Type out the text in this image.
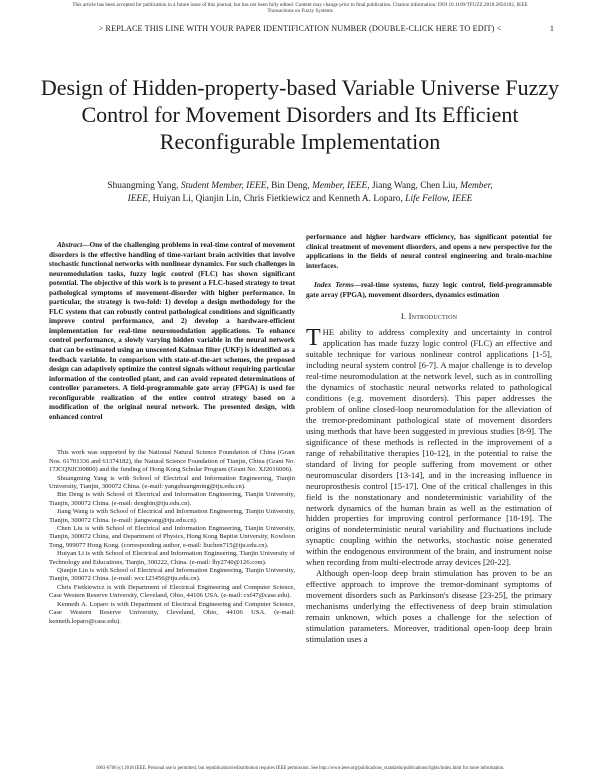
This article has been accepted for publication in a future issue of this journal, but has not been fully edited. Content may change prior to final publication. Citation information: DOI 10.1109/TFUZZ.2018.2856182, IEEE
Transactions on Fuzzy Systems
> REPLACE THIS LINE WITH YOUR PAPER IDENTIFICATION NUMBER (DOUBLE-CLICK HERE TO EDIT) <	1
Design of Hidden-property-based Variable Universe Fuzzy Control for Movement Disorders and Its Efficient Reconfigurable Implementation
Shuangming Yang, Student Member, IEEE, Bin Deng, Member, IEEE, Jiang Wang, Chen Liu, Member,
IEEE, Huiyan Li, Qianjin Lin, Chris Fietkiewicz and Kenneth A. Loparo, Life Fellow, IEEE

Abstract—One of the challenging problems in real-time control of movement disorders is the effective handling of time-variant brain activities that involve stochastic functional networks with nonlinear dynamics. For such challenges in neuromodulation tasks, fuzzy logic control (FLC) has shown significant potential. The objective of this work is to present a FLC-based strategy to treat pathological symptoms of movement-disorder with higher performance. In particular, the strategy is two-fold: 1) develop a design methodology for the FLC system that can robustly control pathological conditions and significantly improve control performance, and 2) develop a hardware-efficient implementation for real-time neuromodulation applications. To enhance control performance, a slowly varying hidden variable in the neural network that can be estimated using an unscented Kalman filter (UKF) is identified as a feedback variable. In comparison with state-of-the-art schemes, the proposed design can adaptively optimize the control signals without requiring particular information of the controlled plant, and can avoid repeated determinations of controller parameters. A field-programmable gate array (FPGA) is used for reconfigurable realization of the entire control strategy based on a modification of the original neural network. The presented design, with enhanced control

This work was supported by the National Natural Science Foundation of China (Grant Nos. 61701336 and 61374182), the Natural Science Foundation of Tianjin, China (Grant No. 17JCQNJC00800) and the funding of Hong Kong Scholar Program (Grant No. XJ2016006).

Shuangming Yang is with School of Electrical and Information Engineering, Tianjin University, Tianjin, 300072 China. (e-mail: yangshuangming@tju.edu.cn).

Bin Deng is with School of Electrical and Information Engineering, Tianjin University, Tianjin, 300072 China. (e-mail: dengbin@tju.edu.cn).

Jiang Wang is with School of Electrical and Information Engineering, Tianjin University, Tianjin, 300072 China. (e-mail: jiangwang@tju.edu.cn).

Chen Liu is with School of Electrical and Information Engineering, Tianjin University, Tianjin, 300072 China, and Department of Physics, Hong Kong Baptist University, Kowloon Tong, 999077 Hong Kong. (corresponding author, e-mail: liuchen715@tju.edu.cn).

Huiyan Li is with School of Electrical and Information Engineering, Tianjin University of Technology and Educations, Tianjin, 300222, China. (e-mail: lhy2740@126.com).

Qianjin Lin is with School of Electrical and Information Engineering, Tianjin University, Tianjin, 300072 China. (e-mail: wcc123456@tju.edu.cn).

Chris Fietkiewicz is with Department of Electrical Engineering and Computer Science, Case Western Reserve University, Cleveland, Ohio, 44106 USA. (e-mail: cxf47@case.edu).

Kenneth A. Loparo is with Department of Electrical Engineering and Computer Science, Case Western Reserve University, Cleveland, Ohio, 44106 USA. (e-mail: kenneth.loparo@case.edu).

performance and higher hardware efficiency, has significant potential for clinical treatment of movement disorders, and opens a new perspective for the applications in the fields of neural control engineering and brain-machine interfaces.

Index Terms—real-time systems, fuzzy logic control, field-programmable gate array (FPGA), movement disorders, dynamics estimation

I. Introduction

THE ability to address complexity and uncertainty in control application has made fuzzy logic control (FLC) an effective and suitable technique for various nonlinear control applications [1-5], including neural system control [6-7]. A major challenge is to develop real-time neuromodulation at the network level, such as in controlling the dynamics of stochastic neural networks related to pathological conditions (e.g. movement disorders). This paper addresses the problem of online closed-loop neuromodulation for the alleviation of the tremor-predominant pathological state of movement disorders using methods that have been suggested in previous studies [8-9]. The significance of these methods is reflected in the improvement of a range of rehabilitative therapies [10-12], in the potential to raise the standard of living for people suffering from movement or other neuromuscular disorders [13-14], and in the increasing influence in neuroprosthesis control [15-17]. One of the critical challenges in this field is the nonstationary and nondeterministic variability of the network dynamics of the human brain as well as the estimation of hidden properties for improving control performance [18-19]. The origins of nondeterministic neural variability and fluctuations include synaptic coupling within the networks, stochastic noise generated within the endogenous environment of the brain, and instrument noise when recording from multi-electrode array devices [20-22].

Although open-loop deep brain stimulation has proven to be an effective approach to improve the tremor-dominant symptoms of movement disorders such as Parkinson's disease [23-25], the primary mechanisms underlying the effectiveness of deep brain stimulation remain unknown, which poses a challenge for the selection of stimulation parameters. Moreover, traditional open-loop deep brain stimulation uses a

1063-6706 (c) 2018 IEEE. Personal use is permitted, but republication/redistribution requires IEEE permission. See http://www.ieee.org/publications_standards/publications/rights/index.html for more information.
